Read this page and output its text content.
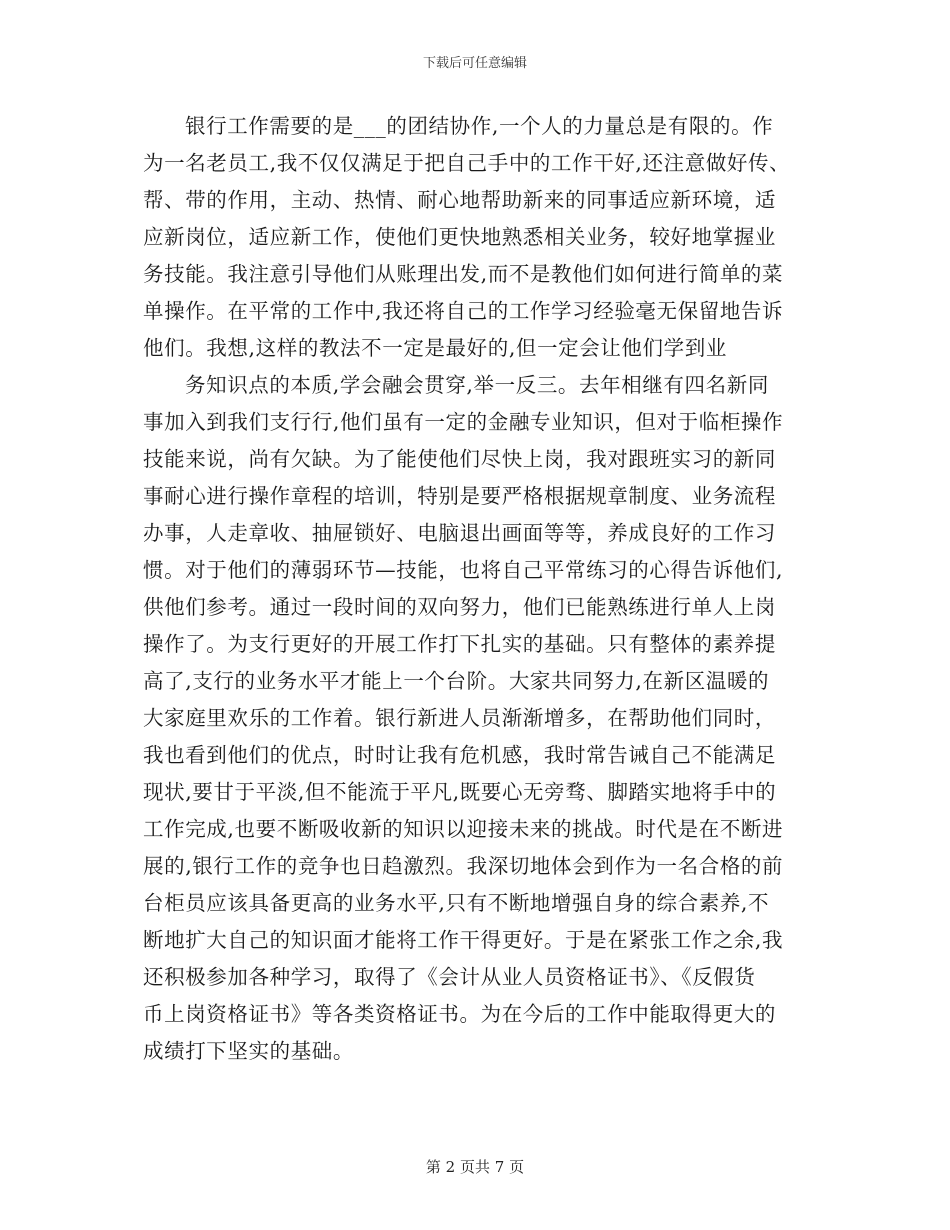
下载后可任意编辑
银行工作需要的是___的团结协作,一个人的力量总是有限的。作
为一名老员工,我不仅仅满足于把自己手中的工作干好,还注意做好传、
帮、带的作用，主动、热情、耐心地帮助新来的同事适应新环境，适
应新岗位，适应新工作，使他们更快地熟悉相关业务，较好地掌握业
务技能。我注意引导他们从账理出发,而不是教他们如何进行简单的菜
单操作。在平常的工作中,我还将自己的工作学习经验毫无保留地告诉
他们。我想,这样的教法不一定是最好的,但一定会让他们学到业
务知识点的本质,学会融会贯穿,举一反三。去年相继有四名新同
事加入到我们支行行,他们虽有一定的金融专业知识，但对于临柜操作
技能来说，尚有欠缺。为了能使他们尽快上岗，我对跟班实习的新同
事耐心进行操作章程的培训，特别是要严格根据规章制度、业务流程
办事，人走章收、抽屉锁好、电脑退出画面等等，养成良好的工作习
惯。对于他们的薄弱环节—技能，也将自己平常练习的心得告诉他们,
供他们参考。通过一段时间的双向努力，他们已能熟练进行单人上岗
操作了。为支行更好的开展工作打下扎实的基础。只有整体的素养提
高了,支行的业务水平才能上一个台阶。大家共同努力,在新区温暖的
大家庭里欢乐的工作着。银行新进人员渐渐增多，在帮助他们同时，
我也看到他们的优点，时时让我有危机感，我时常告诫自己不能满足
现状,要甘于平淡,但不能流于平凡,既要心无旁骛、脚踏实地将手中的
工作完成,也要不断吸收新的知识以迎接未来的挑战。时代是在不断进
展的,银行工作的竞争也日趋激烈。我深切地体会到作为一名合格的前
台柜员应该具备更高的业务水平,只有不断地增强自身的综合素养,不
断地扩大自己的知识面才能将工作干得更好。于是在紧张工作之余,我
还积极参加各种学习，取得了《会计从业人员资格证书》、《反假货
币上岗资格证书》等各类资格证书。为在今后的工作中能取得更大的
成绩打下坚实的基础。
第 2 页共 7 页
